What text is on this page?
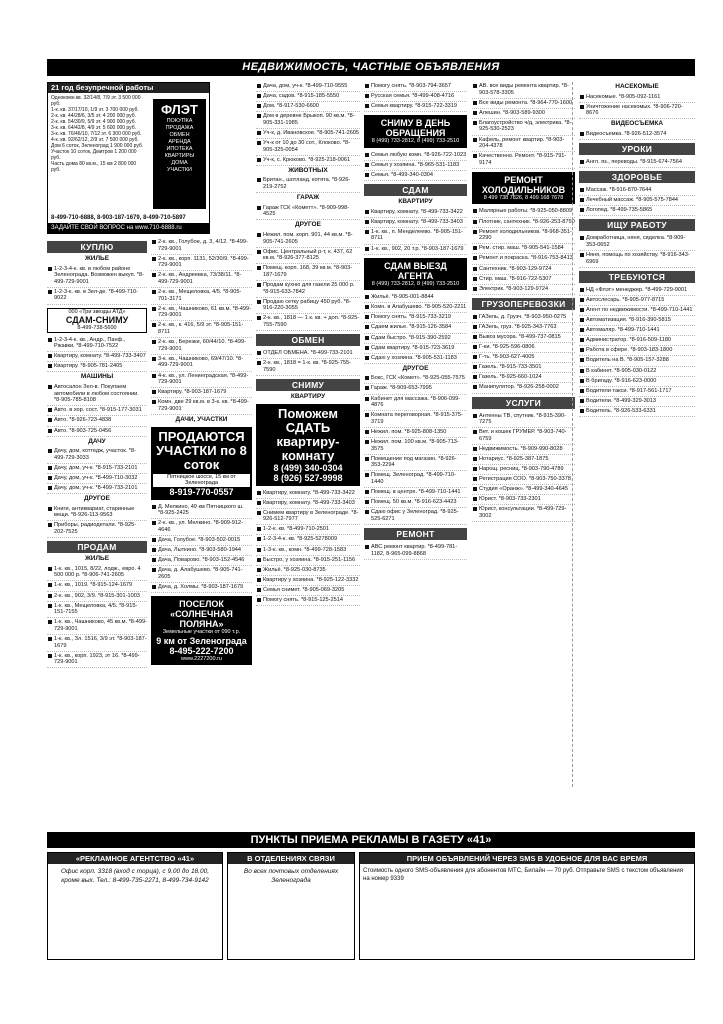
НЕДВИЖИМОСТЬ, ЧАСТНЫЕ ОБЪЯВЛЕНИЯ
21 год безупречной работы
Однокомн.кв. 32/14/8, 7/9 эт. 3 500 000 руб.
1-к. кв. 37/17/10, 1/9 эт. 3 700 000 руб.
2-к. кв. 44/28/6, 3/5 эт. 4 200 000 руб.
2-к. кв. 54/30/9, 5/9 эт. 4 900 000 руб.
3-к. кв. 64/42/8, 4/9 эт. 5 600 000 руб.
3-к. кв. 76/46/10, 7/12 эт. 6 300 000 руб.
4-к. кв. 92/62/12, 2/9 эт. 7 500 000 руб.
Дом 6 соток, Зеленоград 1 900 000 руб.
Участок 10 соток, Дмитров 1 200 000 руб.
Часть дома 80 кв.м., 15 км 2 800 000 руб.
ФЛЭТ
ПОКУПКА
ПРОДАЖА
ОБМЕН
АРЕНДА
ИПОТЕКА
КВАРТИРЫ
ДОМА
УЧАСТКИ
8-499-710-6888, 8-903-187-1679, 8-499-710-5897
ЗАДАЙТЕ СВОЙ ВОПРОС на www.710-6888.ru
КУПЛЮ
ЖИЛЬЕ
1-2-3-4-к. кв. в любом районе Зеленограда. Возможен выкуп. *8-499-729-9001
1-2-3-к. кв. в Зел-де. *8-499-710-9022
000 «Три звезды АТД»
СДАМ-СНИМУ
8-499-738-5600
1-2-3-4-к. кв., Андр., Панф., Ржавки. *8-499-710-7522
Квартиру, комнату. *8-499-733-3407
Квартиру. *8-905-781-2405
МАШИНЫ
Автосалон Зел-в. Покупаем автомобили в любом состоянии. *8-905-785-8108
Авто. в хор. сост. *8-915-177-3031
Авто. *8-926-723-4838
Авто. *8-903-725-0456
ДАЧУ
Дачу, дом, коттедж, участок. *8-499-729-3033
Дачу, дом, уч-к. *8-915-733-2101
Дачу, дом, уч-к. *8-499-710-3032
Дачу, дом, уч-к. *8-499-733-2101
ДРУГОЕ
Книги, антиквариат, старинные вещи. *8-926-113-9563
Приборы, радиодетали. *8-925-202-7525
ПРОДАМ
ЖИЛЬЕ
1-к. кв., 1015, 8/22, лодж., евро. 4 500 000 р. *8-906-741-2605
1-к. кв., 1019. *8-915-124-1679
2-к. кв., 902, 3/9. *8-915-301-1003
1-к. кв., Мещеловка, 4/5. *8-915-151-7155
1-к. кв., Чашниково, 45 кв.м. *8-499-729-9001
1-к. кв., Зл. 1516, 3/9 эт. *8-903-187-1679
1-к. кв., корп. 1923, эт 16. *8-499-729-9001
2-к. кв., Голубое, д. 3, 4/12. *8-499-729-9001
2-к. кв., корп. 1131, 52/30/9. *8-499-729-9001
2-к. кв., Андреевка, 73/38/11. *8-499-729-9001
2-к. кв., Мещеловка, 4/5. *8-905-701-3171
2-к. кв., Чашниково, 61 кв.м. *8-499-729-9001
2-к. кв., к. 416, 5/9 эт. *8-905-151-8711
2-к. кв., Березки, 60/44/10. *8-499-729-9001
3-к. кв., Чашниково, 69/47/10. *8-499-729-9001
4-к. кв., ул. Ленинградская. *8-499-729-9001
Квартиру. *8-903-187-1679
Комн. две 29 кв.м. в 3-к. кв. *8-499-729-9001
ДАЧИ, УЧАСТКИ
ПРОДАЮТСЯ УЧАСТКИ по 8 соток
Пятницкое шоссе, 15 км от Зеленограда
8-919-770-0557
Д. Мелкино, 49 км Пятницкого ш. *8-925-2425
2-к. кв., ул. Мелкино. *8-909-912-4646
Дача, Голубое. *8-903-502-0015
Дача, Лыткино. *8-903-580-1944
Дача, Поварово. *8-903-152-4546
Дача, д. Алабушево. *8-905-741-2605
Дача, д. Холмы. *8-903-187-1679
ПОСЕЛОК «СОЛНЕЧНАЯ ПОЛЯНА»
Земельные участки от 090 т.р.
9 км от Зеленограда
8-495-222-7200
www.2227200.ru
Дача, дом, уч-к. *8-499-710-9555
Дача, садов. *8-915-185-5550
Дом. *8-917-530-6600
Дом в деревне Брыкоп. 90 кв.м. *8-905-331-1985
Уч-к, д. Ивановское. *8-905-741-2605
Уч-к от 10 до 30 сот., Клоково. *8-905-325-0054
Уч-к, с. Крюково. *8-925-218-0061
ЖИВОТНЫХ
Британ., шотланд. котята. *8-926-219-2752
ГАРАЖ
Гараж ГСК «Кометт». *8-909-998-4525
ДРУГОЕ
Нежил. пом. корп. 901, 44 кв.м. *8-905-741-2605
Офис. Центральный р-т, к. 437, 62 кв.м. *8-926-377-8125
Помещ. корп. 168, 39 кв.м. *8-903-187-1679
Продам кухню для газели 25 000 р. *8-915-633-7842
Продаю сетку рабицу 450 руб. *8-916-220-3055
2-к. кв., 1818 — 1 к. кв. + доп. *8-925-755-7590
ОБМЕН
ОТДЕЛ ОБМЕНА. *8-499-733-2101
2-к. кв., 1818 = 1-к. кв. *8-925-755-7590
СНИМУ
КВАРТИРУ
Поможем СДАТЬ квартиру-комнату
8 (499) 340-0304
8 (926) 527-9998
Квартиру, комнату. *8-499-733-3422
Квартиру, комнату. *8-499-733-3403
Снимем квартиру в Зеленограде. *8-926-512-7977
1-2-к. кв. *8-499-710-2501
1-2-3-4-к. кв. *8-925-5278009
1-3-к. кв., комн. *8-499-728-1583
Быстро, у хозяина. *8-915-251-1156
Жильё. *8-925-030-8735
Квартиру у хозяина. *8-925-122-3332
Семья снимет. *8-905-069-3205
Помогу снять. *8-915-125-2514
Помогу снять. *8-903-794-3657
Русская семья. *8-499-408-4716
Семья квартиру. *8-915-722-3319
СНИМУ В ДЕНЬ ОБРАЩЕНИЯ
8 (499) 733-2812, 8 (499) 733-2510
Семья любую комн. *8-926-722-1023
Семья у хозяина. *8-965-531-1183
Семья. *8-499-340-0304
СДАМ
КВАРТИРУ
Квартиру, комнату. *8-499-733-3422
Квартиру, комнату. *8-499-733-3403
1-к. кв., п. Менделеево. *8-905-151-8711
1-к. кв., 902, 20 т.р. *8-903-187-1679
СДАМ ВЫЕЗД АГЕНТА
8 (499) 733-2812, 8 (499) 733-2510
Жильё. *8-905-001-8844
Комн. в Алабушево. *8-905-520-2211
Помогу снять. *8-915-733-3219
Сдаем жилье. *8-915-126-3584
Сдам быстро. *8-915-390-2592
Сдам квартиру. *8-915-723-3619
Сдаю у хозяина. *8-905-531-1183
ДРУГОЕ
Бокс, ГСК «Комет». *8-925-055-7575
Гараж. *8-909-653-7995
Кабинет для массажа. *8-906-099-4876
Комната переговорная. *8-915-375-3719
Нежил. пом. *8-925-808-1350
Нежил. пом. 100 кв.м. *8-905-713-3575
Помещение под магазин. *8-926-353-2294
Помещ. Зеленоград. *8-499-710-1440
Помещ. в центре. *8-499-710-1441
Помещ. 50 кв.м. *8-916-623-4423
Сдаю офис у Зеленоград. *8-925-525-6271
РЕМОНТ
АВС ремонт квартир. *8-499-781-1182, 8-965-099-8868
АВ. все виды ремонта квартир. *8-903-578-3305
Все виды ремонта. *8-964-770-1600
Алешин. *8-903-589-9300
Благоустройство ч/д, электрика. *8-925-530-2523
Кафель, ремонт квартир. *8-903-204-4378
Качественно. Ремонт. *8-915-791-9174
РЕМОНТ ХОЛОДИЛЬНИКОВ
8 499 738 7826, 8 499 168 7678
Малярные работы. *8-925-050-8809
Плотник, сантехник. *8-926-253-8750
Ремонт холодильников. *8-968-351-2290
Рем. стир. маш. *8-905-541-1584
Ремонт и покраска. *8-916-753-8413
Сантехник. *8-903-129-9724
Стир. маш. *8-916-722-5307
Электрик. *8-903-129-9724
ГРУЗОПЕРЕВОЗКИ
ГАЗель, д. Грузч. *8-903-950-0275
ГАЗель, груз. *8-925-343-7763
Вывоз мусора. *8-499-737-0815
Г-ки. *8-925-596-0806
Г-ть. *8-903-627-4005
Газель. *8-915-733-3501
Газель. *8-925-660-1024
Манипулятор. *8-926-258-0002
УСЛУГИ
Антенны ТВ, спутник. *8-915-390-7275
Вет. и кошек ГРУМЕР. *8-903-740-6759
Недвижимость. *8-909-990-8028
Нотариус. *8-925-387-1875
Нарощ. ресниц. *8-903-790-4789
Регистрация СОО. *8-903-750-3378
Студия «Оранж». *8-499-340-4645
Юрист. *8-903-733-2301
Юрист, консультации. *8-499-729-3002
НАСЕКОМЫЕ
Насекомые. *8-905-092-1161
Уничтожение насекомых. *8-906-720-8676
ВИДЕОСЪЕМКА
Видеосъемка. *8-926-512-3574
УРОКИ
Англ. яз., переводы. *8-915-674-7564
ЗДОРОВЬЕ
Массаж. *8-916-870-7644
Лечебный массаж. *8-905-575-7844
Логопед. *8-499-735-5865
ИЩУ РАБОТУ
Домработница, няня, сиделка. *8-909-353-0652
Няня, помощь по хозяйству. *8-916-343-6969
ТРЕБУЮТСЯ
НД «Флэт» менеджер. *8-499-729-9001
Автослесарь. *8-905-977-8715
Агент по недвижимости. *8-499-710-1441
Автоматизация. *8-916-390-5815
Автомаляр. *8-499-710-1441
Администратор. *8-916-509-1180
Работа в сфере. *8-903-183-1800
Водитель на B. *8-905-157-3288
В кабинет. *8-905-030-0122
В бригаду. *8-916-623-0000
Водители такси. *8-917-561-1717
Водители. *8-499-329-3013
Водитель. *8-926-533-6331
ПУНКТЫ ПРИЕМА РЕКЛАМЫ В ГАЗЕТУ «41»
«РЕКЛАМНОЕ АГЕНТСТВО «41»
Офис корп. 3318 (вход с торца), с 9.00 до 18.00, кроме вых. Тел.: 8-499-735-2271, 8-499-734-9142
В ОТДЕЛЕНИЯХ СВЯЗИ
Во всех почтовых отделениях Зеленограда
ПРИЕМ ОБЪЯВЛЕНИЙ ЧЕРЕЗ SMS В УДОБНОЕ ДЛЯ ВАС ВРЕМЯ
Стоимость одного SMS-объявления для абонентов МТС, Билайн — 70 руб. Отправьте SMS с текстом объявления на номер 9339
